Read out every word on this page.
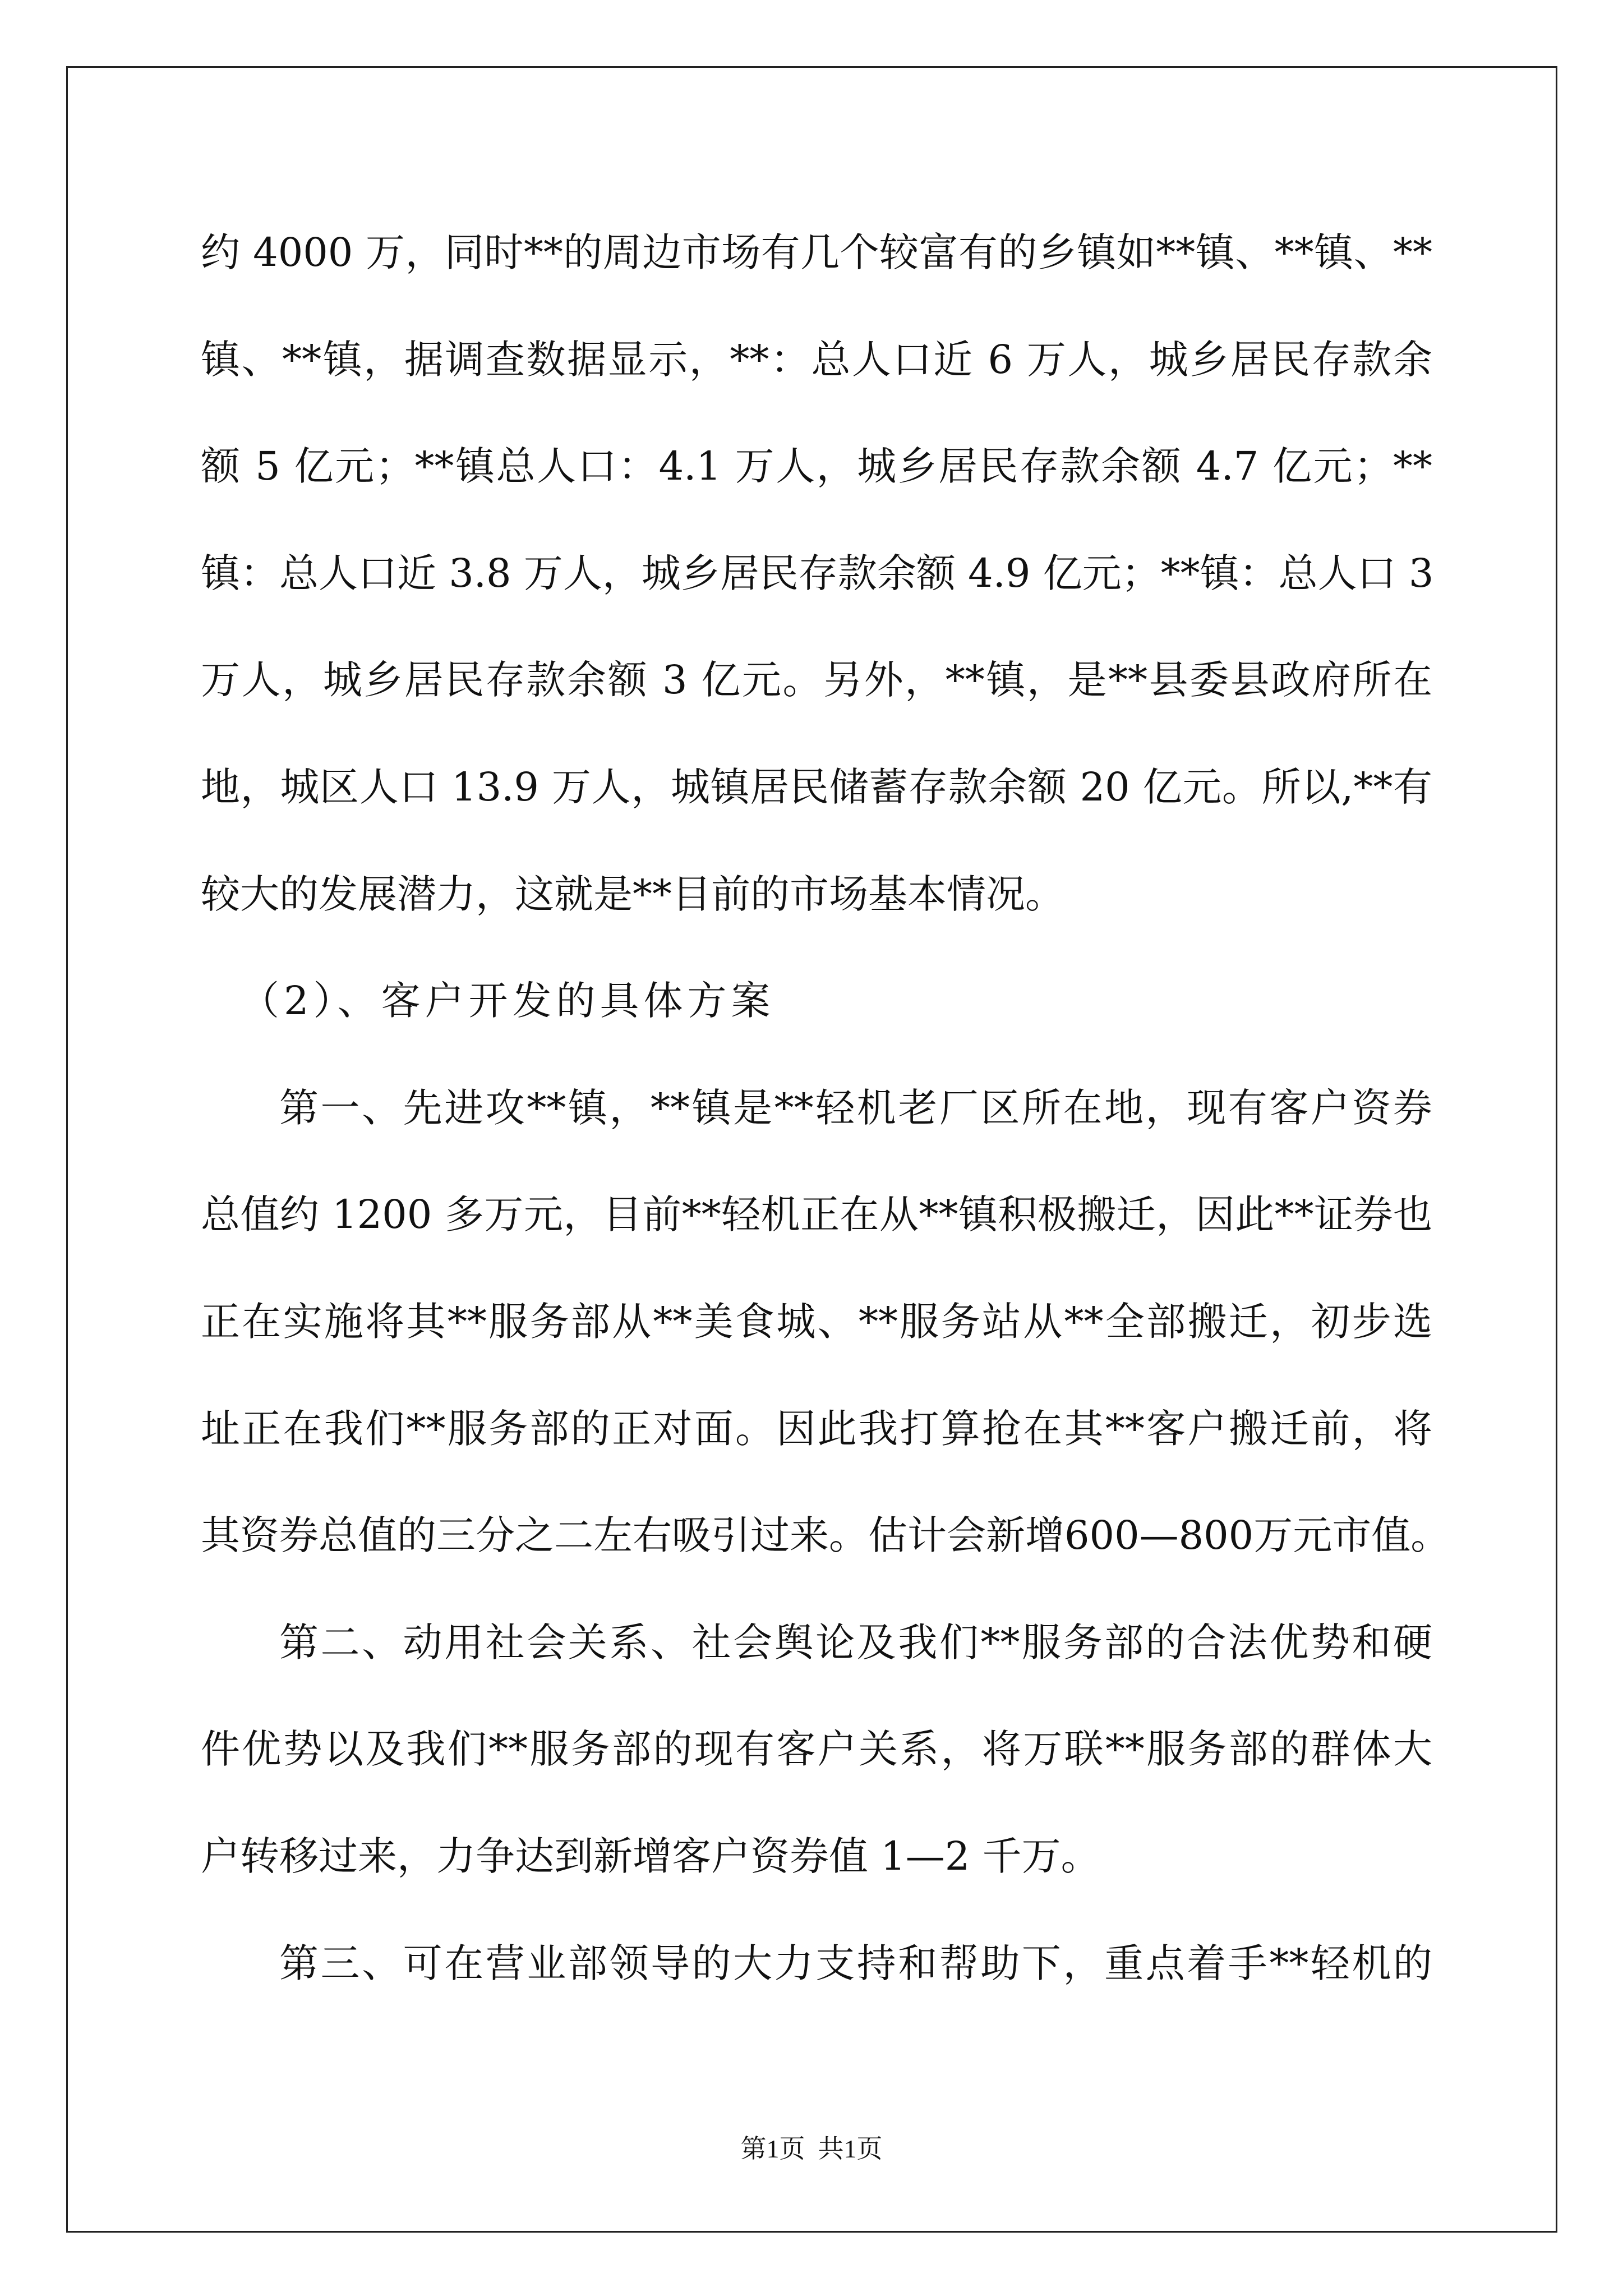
约 4000 万，同时**的周边市场有几个较富有的乡镇如**镇、**镇、**
镇、**镇，据调查数据显示，**：总人口近 6 万人，城乡居民存款余
额 5 亿元；**镇总人口：4.1 万人，城乡居民存款余额 4.7 亿元；**
镇：总人口近 3.8 万人，城乡居民存款余额 4.9 亿元；**镇：总人口 3
万人，城乡居民存款余额 3 亿元。另外，**镇，是**县委县政府所在
地，城区人口 13.9 万人，城镇居民储蓄存款余额 20 亿元。所以,**有
较大的发展潜力，这就是**目前的市场基本情况。
（2）、客户开发的具体方案
第一、先进攻**镇，**镇是**轻机老厂区所在地，现有客户资券
总值约 1200 多万元，目前**轻机正在从**镇积极搬迁，因此**证券也
正在实施将其**服务部从**美食城、**服务站从**全部搬迁，初步选
址正在我们**服务部的正对面。因此我打算抢在其**客户搬迁前，将
其资券总值的三分之二左右吸引过来。估计会新增600—800万元市值。
第二、动用社会关系、社会舆论及我们**服务部的合法优势和硬
件优势以及我们**服务部的现有客户关系，将万联**服务部的群体大
户转移过来，力争达到新增客户资券值 1—2 千万。
第三、可在营业部领导的大力支持和帮助下，重点着手**轻机的
第1页  共1页
